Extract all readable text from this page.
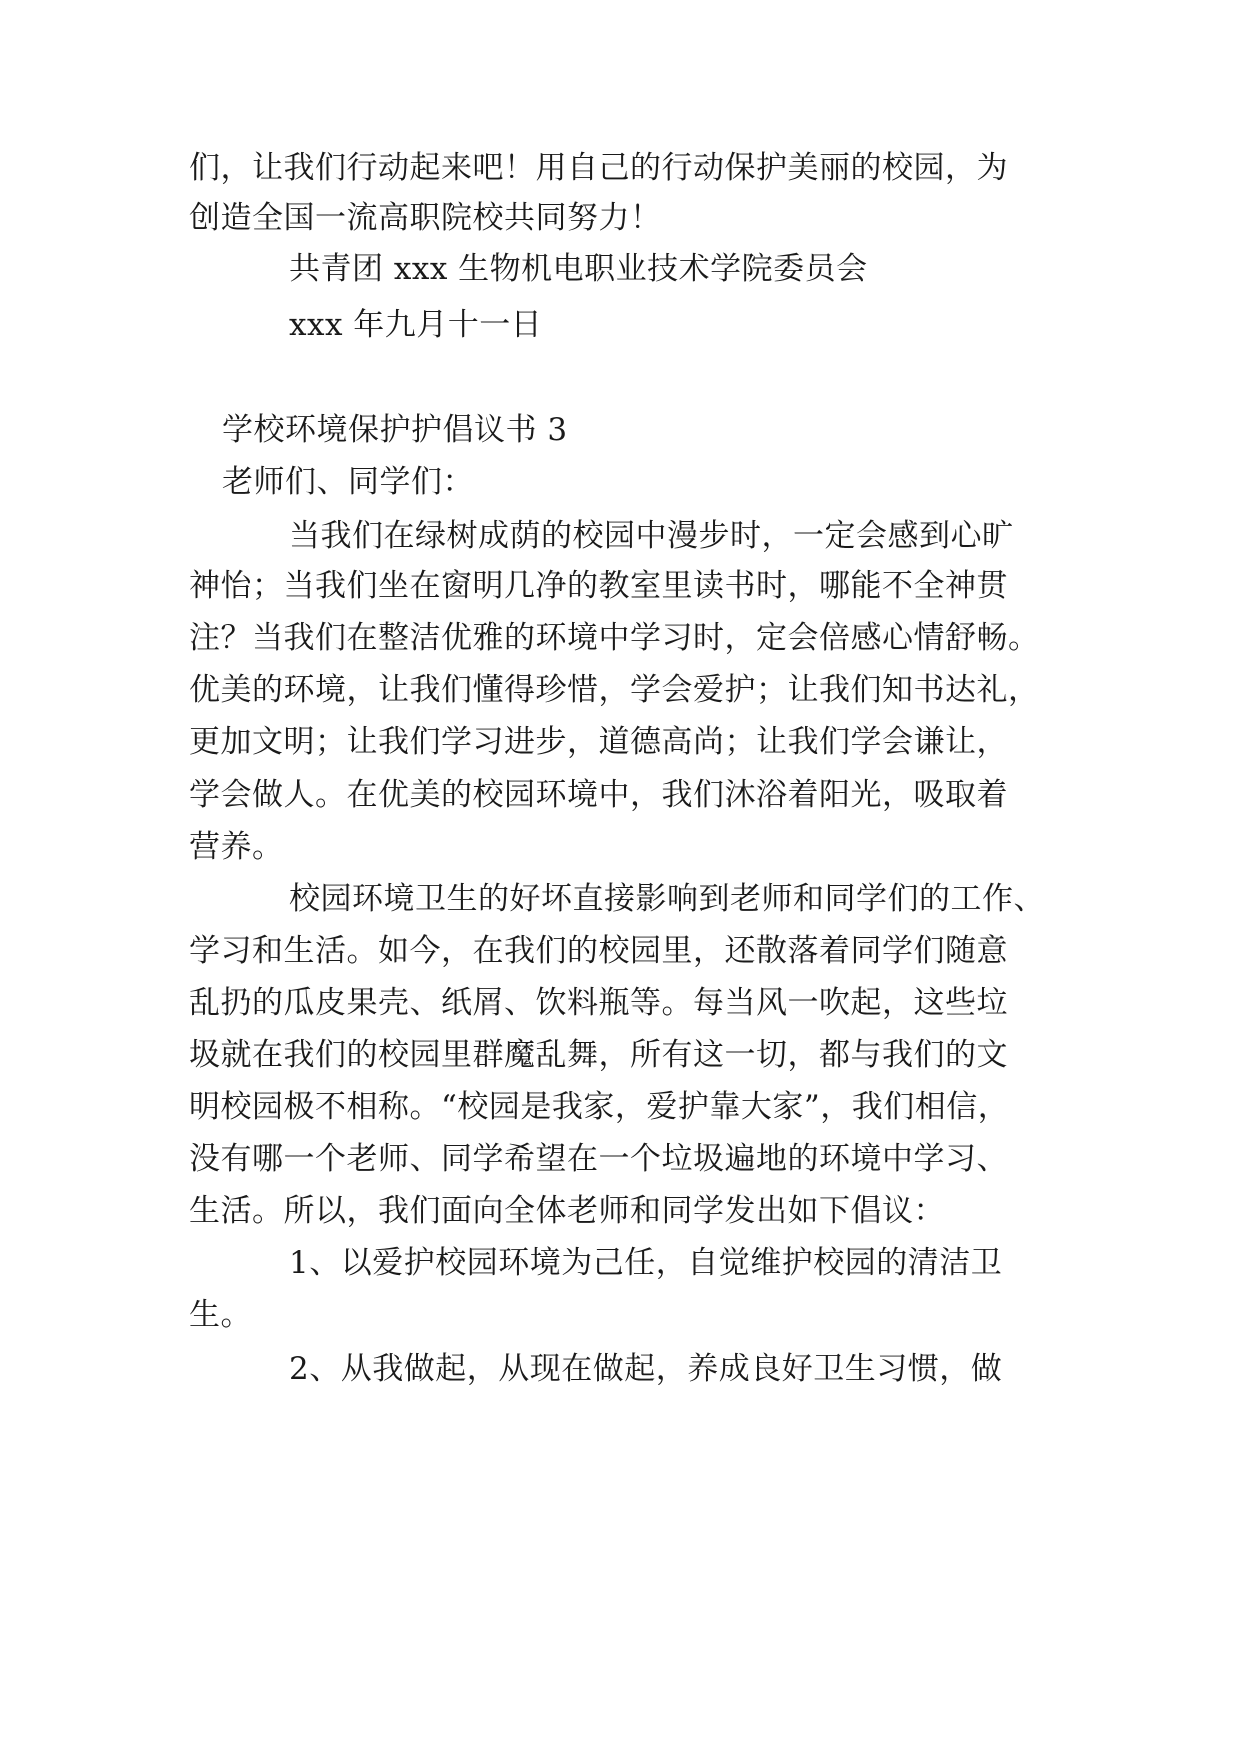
们，让我们行动起来吧！用自己的行动保护美丽的校园，为
创造全国一流高职院校共同努力！
共青团 xxx 生物机电职业技术学院委员会
xxx 年九月十一日
学校环境保护护倡议书 3
老师们、同学们：
当我们在绿树成荫的校园中漫步时，一定会感到心旷
神怡；当我们坐在窗明几净的教室里读书时，哪能不全神贯
注？当我们在整洁优雅的环境中学习时，定会倍感心情舒畅。
优美的环境，让我们懂得珍惜，学会爱护；让我们知书达礼，
更加文明；让我们学习进步，道德高尚；让我们学会谦让，
学会做人。在优美的校园环境中，我们沐浴着阳光，吸取着
营养。
校园环境卫生的好坏直接影响到老师和同学们的工作、
学习和生活。如今，在我们的校园里，还散落着同学们随意
乱扔的瓜皮果壳、纸屑、饮料瓶等。每当风一吹起，这些垃
圾就在我们的校园里群魔乱舞，所有这一切，都与我们的文
明校园极不相称。“校园是我家，爱护靠大家”，我们相信，
没有哪一个老师、同学希望在一个垃圾遍地的环境中学习、
生活。所以，我们面向全体老师和同学发出如下倡议：
1、以爱护校园环境为己任，自觉维护校园的清洁卫
生。
2、从我做起，从现在做起，养成良好卫生习惯，做
